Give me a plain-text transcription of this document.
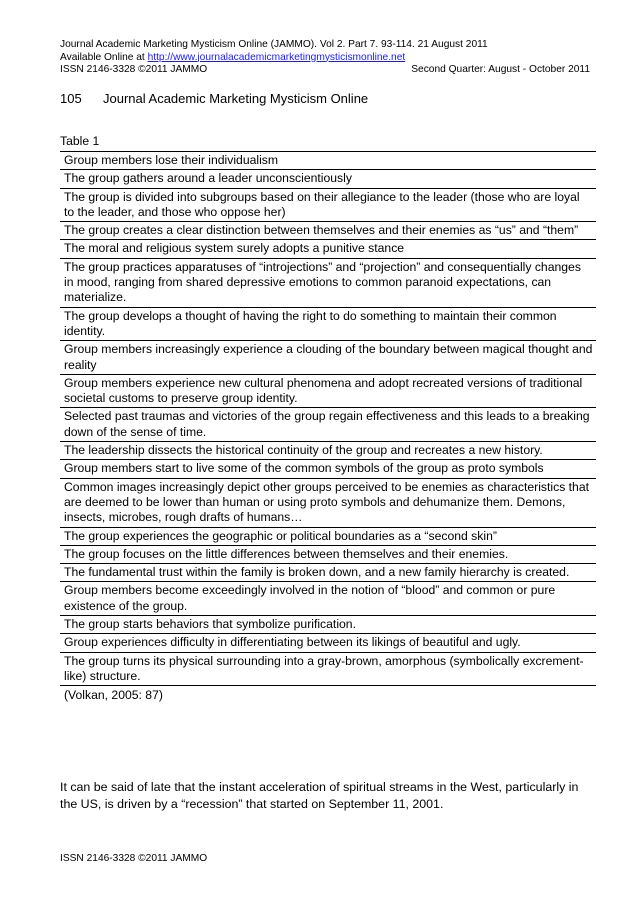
Journal Academic Marketing Mysticism Online (JAMMO). Vol 2. Part 7. 93-114. 21 August 2011
Available Online at http://www.journalacademicmarketingmysticismonline.net
ISSN 2146-3328 ©2011 JAMMO	Second Quarter: August - October 2011
105 Journal Academic Marketing Mysticism Online
Table 1
Group members lose their individualism
The group gathers around a leader unconscientiously
The group is divided into subgroups based on their allegiance to the leader (those who are loyal to the leader, and those who oppose her)
The group creates a clear distinction between themselves and their enemies as “us” and “them”
The moral and religious system surely adopts a punitive stance
The group practices apparatuses of “introjections” and “projection” and consequentially changes in mood, ranging from shared depressive emotions to common paranoid expectations, can materialize.
The group develops a thought of having the right to do something to maintain their common identity.
Group members increasingly experience a clouding of the boundary between magical thought and reality
Group members experience new cultural phenomena and adopt recreated versions of traditional societal customs to preserve group identity.
Selected past traumas and victories of the group regain effectiveness and this leads to a breaking down of the sense of time.
The leadership dissects the historical continuity of the group and recreates a new history.
Group members start to live some of the common symbols of the group as proto symbols
Common images increasingly depict other groups perceived to be enemies as characteristics that are deemed to be lower than human or using proto symbols and dehumanize them. Demons, insects, microbes, rough drafts of humans…
The group experiences the geographic or political boundaries as a “second skin”
The group focuses on the little differences between themselves and their enemies.
The fundamental trust within the family is broken down, and a new family hierarchy is created.
Group members become exceedingly involved in the notion of “blood” and common or pure existence of the group.
The group starts behaviors that symbolize purification.
Group experiences difficulty in differentiating between its likings of beautiful and ugly.
The group turns its physical surrounding into a gray-brown, amorphous (symbolically excrement-like) structure.
(Volkan, 2005: 87)
It can be said of late that the instant acceleration of spiritual streams in the West, particularly in the US, is driven by a “recession” that started on September 11, 2001.
ISSN 2146-3328 ©2011 JAMMO
